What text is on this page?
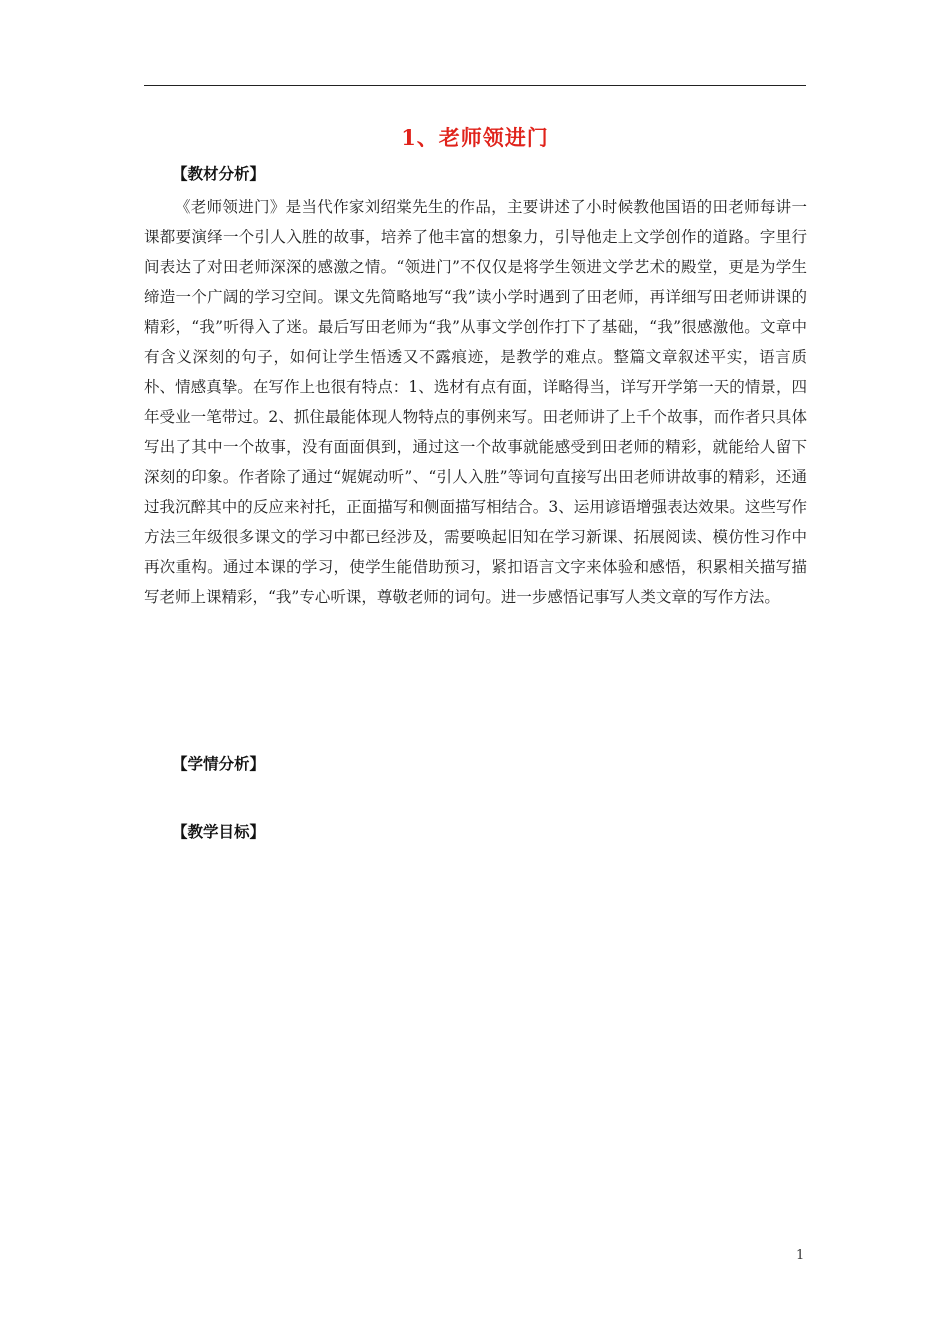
1、老师领进门
【教材分析】

《老师领进门》是当代作家刘绍棠先生的作品，主要讲述了小时候教他国语的田老师每讲一课都要演绎一个引人入胜的故事，培养了他丰富的想象力，引导他走上文学创作的道路。字里行间表达了对田老师深深的感激之情。“领进门”不仅仅是将学生领进文学艺术的殿堂，更是为学生缔造一个广阔的学习空间。课文先简略地写“我”读小学时遇到了田老师，再详细写田老师讲课的精彩，“我”听得入了迷。最后写田老师为“我”从事文学创作打下了基础，“我”很感激他。文章中有含义深刻的句子，如何让学生悟透又不露痕迹，是教学的难点。整篇文章叙述平实，语言质朴、情感真挚。在写作上也很有特点：1、选材有点有面，详略得当，详写开学第一天的情景，四年受业一笔带过。2、抓住最能体现人物特点的事例来写。田老师讲了上千个故事，而作者只具体写出了其中一个故事，没有面面俱到，通过这一个故事就能感受到田老师的精彩，就能给人留下深刻的印象。作者除了通过“娓娓动听”、“引人入胜”等词句直接写出田老师讲故事的精彩，还通过我沉醉其中的反应来衬托，正面描写和侧面描写相结合。3、运用谚语增强表达效果。这些写作方法三年级很多课文的学习中都已经涉及，需要唤起旧知在学习新课、拓展阅读、模仿性习作中再次重构。通过本课的学习，使学生能借助预习，紧扣语言文字来体验和感悟，积累相关描写描写老师上课精彩，“我”专心听课，尊敬老师的词句。进一步感悟记事写人类文章的写作方法。

【学情分析】
【教学目标】
1
